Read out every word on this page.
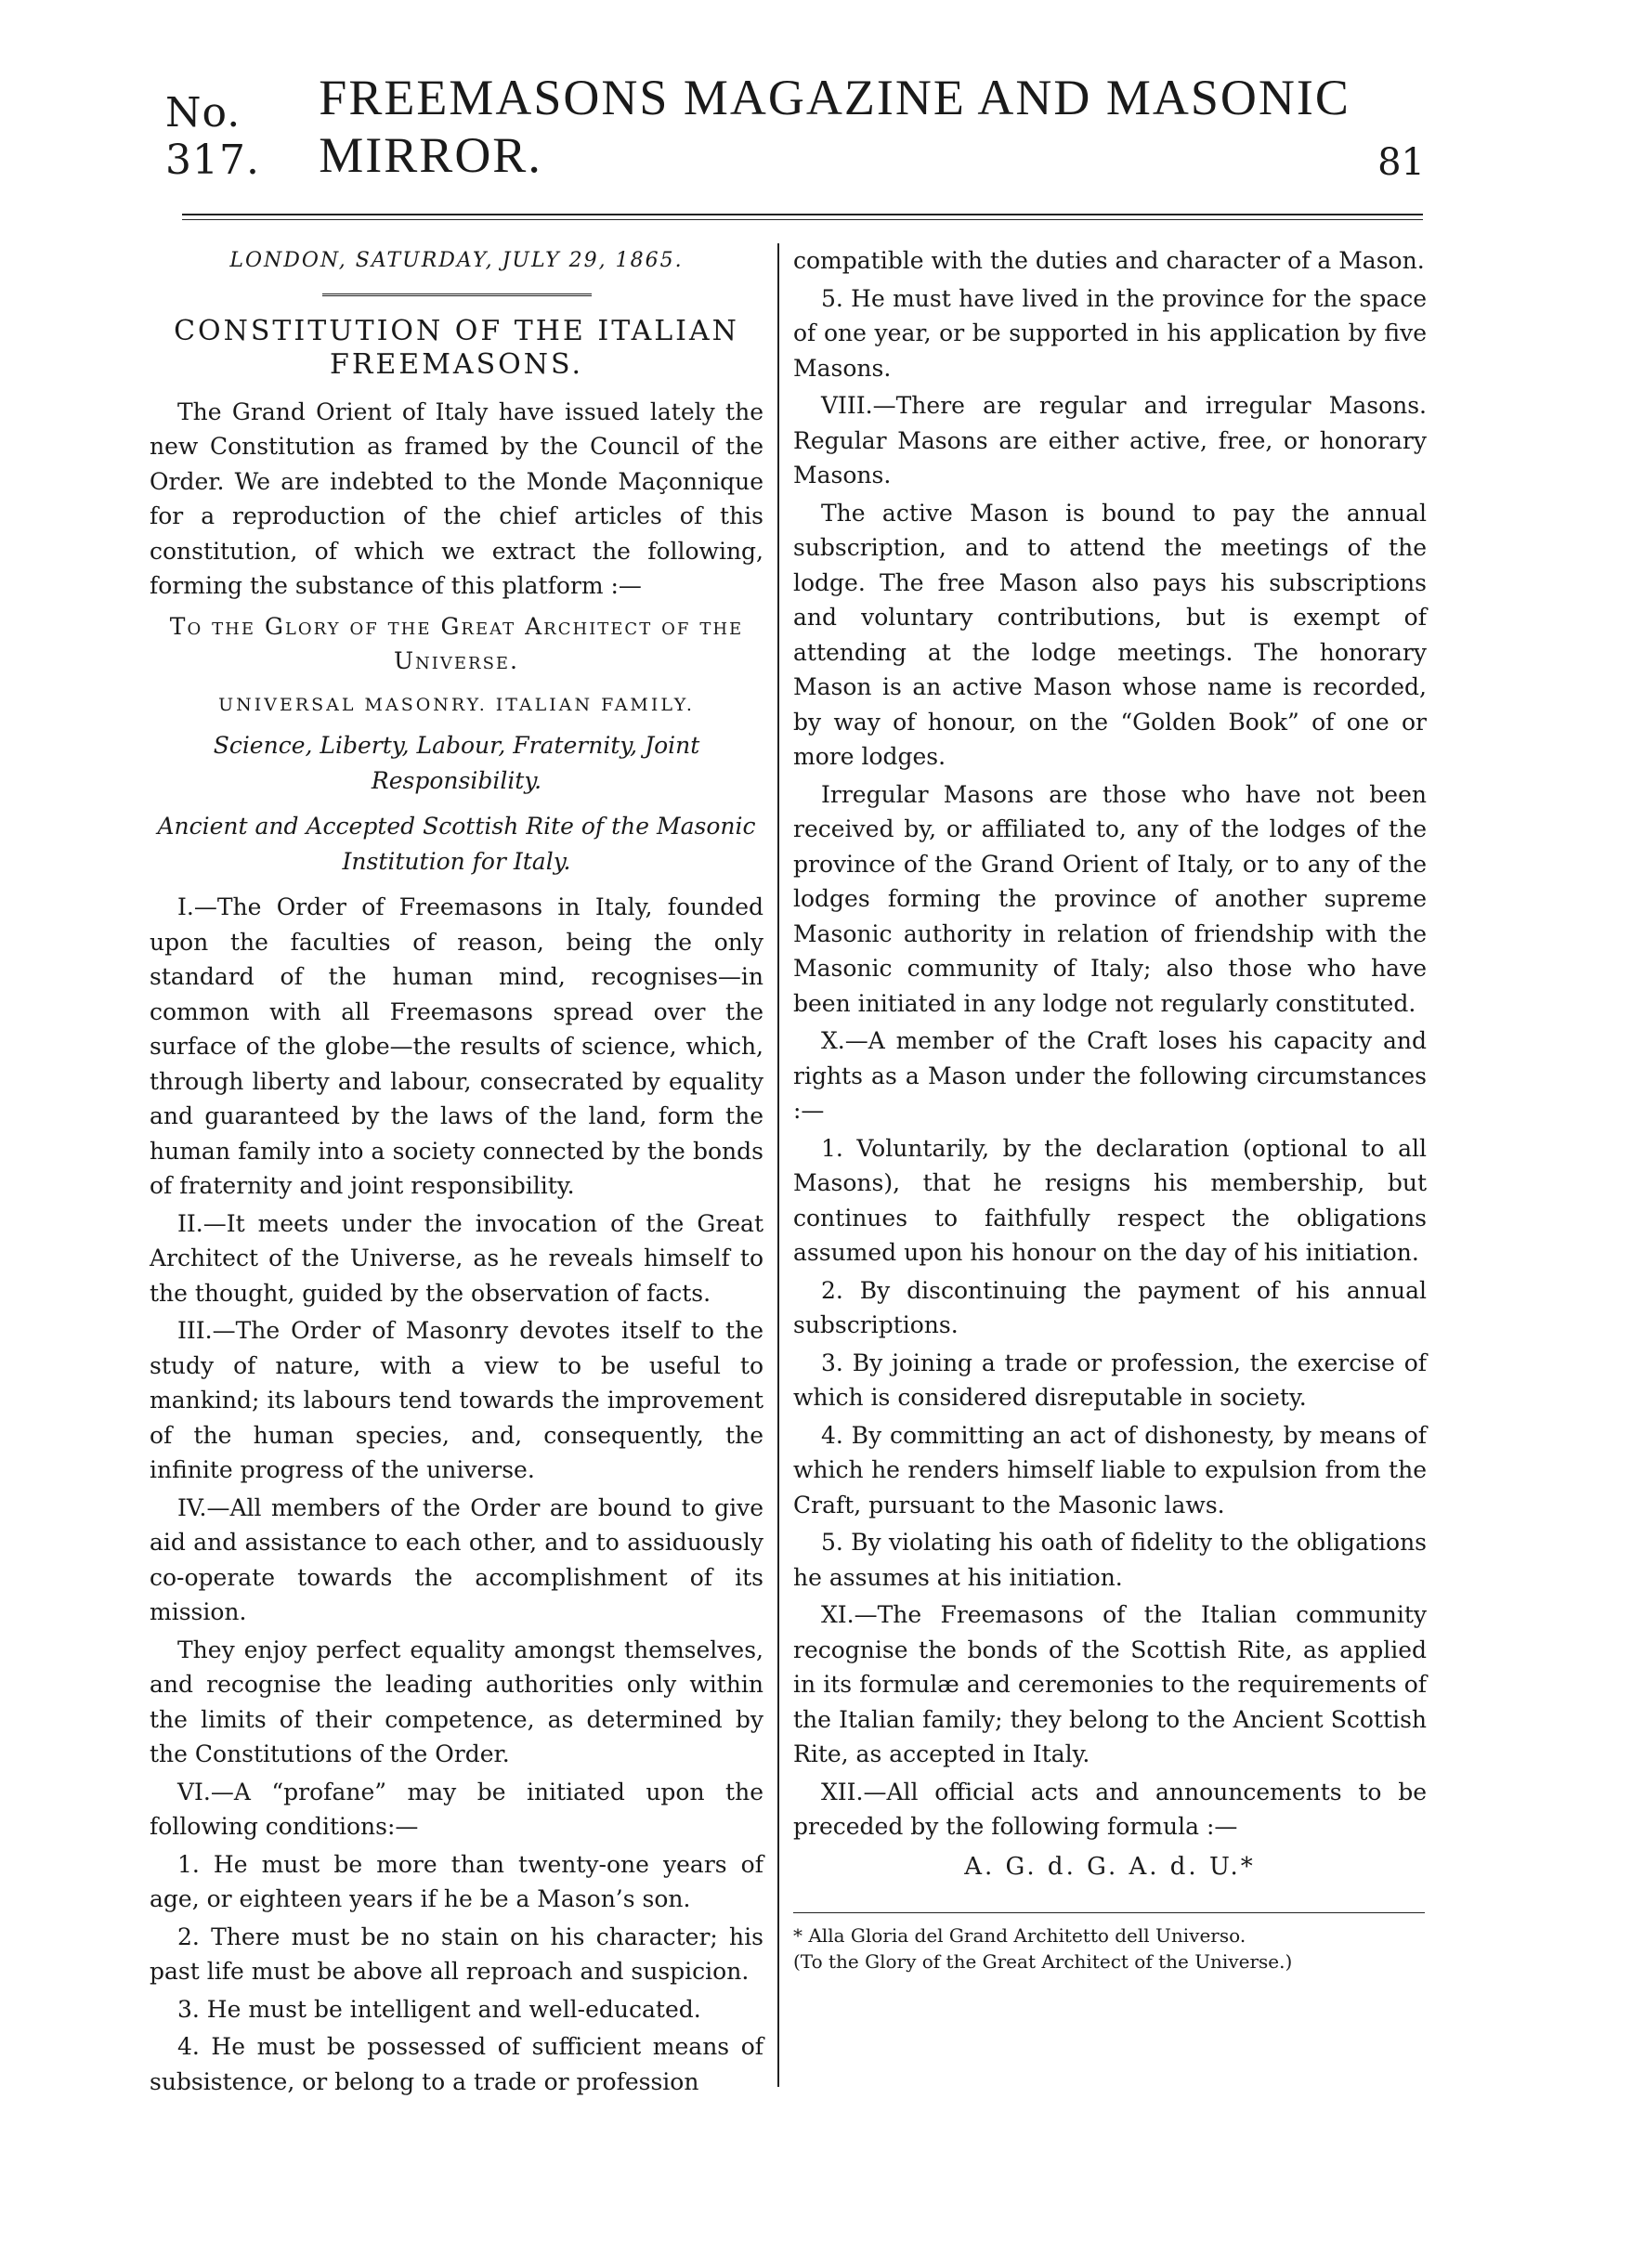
No. 317.
FREEMASONS MAGAZINE AND MASONIC MIRROR.	81
LONDON, SATURDAY, JULY 29, 1865.
CONSTITUTION OF THE ITALIAN FREEMASONS.

The Grand Orient of Italy have issued lately the new Constitution as framed by the Council of the Order. We are indebted to the Monde Maçonnique for a reproduction of the chief articles of this constitution, of which we extract the following, forming the substance of this platform :—

To the Glory of the Great Architect of the Universe.
UNIVERSAL MASONRY. ITALIAN FAMILY.
Science, Liberty, Labour, Fraternity, Joint Responsibility.
Ancient and Accepted Scottish Rite of the Masonic Institution for Italy.

I.—The Order of Freemasons in Italy, founded upon the faculties of reason, being the only standard of the human mind, recognises—in common with all Freemasons spread over the surface of the globe—the results of science, which, through liberty and labour, consecrated by equality and guaranteed by the laws of the land, form the human family into a society connected by the bonds of fraternity and joint responsibility.

II.—It meets under the invocation of the Great Architect of the Universe, as he reveals himself to the thought, guided by the observation of facts.

III.—The Order of Masonry devotes itself to the study of nature, with a view to be useful to mankind; its labours tend towards the improvement of the human species, and, consequently, the infinite progress of the universe.

IV.—All members of the Order are bound to give aid and assistance to each other, and to assiduously co-operate towards the accomplishment of its mission.

They enjoy perfect equality amongst themselves, and recognise the leading authorities only within the limits of their competence, as determined by the Constitutions of the Order.

VI.—A “profane” may be initiated upon the following conditions:—

1. He must be more than twenty-one years of age, or eighteen years if he be a Mason’s son.

2. There must be no stain on his character; his past life must be above all reproach and suspicion.

3. He must be intelligent and well-educated.

4. He must be possessed of sufficient means of subsistence, or belong to a trade or profession

compatible with the duties and character of a Mason.

5. He must have lived in the province for the space of one year, or be supported in his application by five Masons.

VIII.—There are regular and irregular Masons. Regular Masons are either active, free, or honorary Masons.

The active Mason is bound to pay the annual subscription, and to attend the meetings of the lodge. The free Mason also pays his subscriptions and voluntary contributions, but is exempt of attending at the lodge meetings. The honorary Mason is an active Mason whose name is recorded, by way of honour, on the “Golden Book” of one or more lodges.

Irregular Masons are those who have not been received by, or affiliated to, any of the lodges of the province of the Grand Orient of Italy, or to any of the lodges forming the province of another supreme Masonic authority in relation of friendship with the Masonic community of Italy; also those who have been initiated in any lodge not regularly constituted.

X.—A member of the Craft loses his capacity and rights as a Mason under the following circumstances :—

1. Voluntarily, by the declaration (optional to all Masons), that he resigns his membership, but continues to faithfully respect the obligations assumed upon his honour on the day of his initiation.

2. By discontinuing the payment of his annual subscriptions.

3. By joining a trade or profession, the exercise of which is considered disreputable in society.

4. By committing an act of dishonesty, by means of which he renders himself liable to expulsion from the Craft, pursuant to the Masonic laws.

5. By violating his oath of fidelity to the obligations he assumes at his initiation.

XI.—The Freemasons of the Italian community recognise the bonds of the Scottish Rite, as applied in its formulæ and ceremonies to the requirements of the Italian family; they belong to the Ancient Scottish Rite, as accepted in Italy.

XII.—All official acts and announcements to be preceded by the following formula :—

A. G. d. G. A. d. U.*
* Alla Gloria del Grand Architetto dell Universo.
(To the Glory of the Great Architect of the Universe.)
